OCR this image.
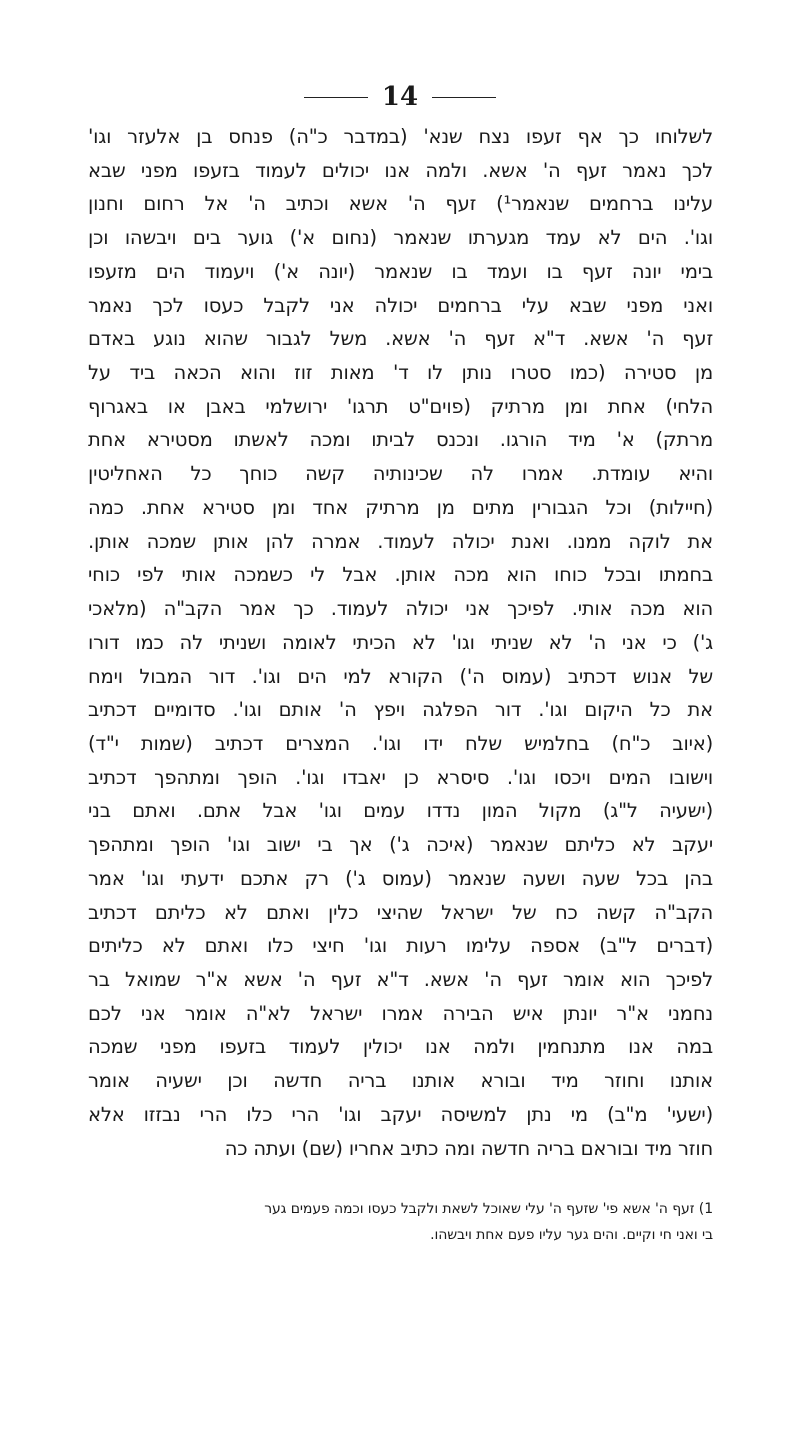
14
לשלוחו כך אף זעפו נצח שנא' (במדבר כ"ה) פנחס בן אלעזר וגו'
לכך נאמר זעף ה' אשא. ולמה אנו יכולים לעמוד בזעפו מפני שבא
עלינו ברחמים שנאמר¹) זעף ה' אשא וכתיב ה' אל רחום וחנון
וגו'. הים לא עמד מגערתו שנאמר (נחום א') גוער בים ויבשהו וכן
בימי יונה זעף בו ועמד בו שנאמר (יונה א') ויעמוד הים מזעפו
ואני מפני שבא עלי ברחמים יכולה אני לקבל כעסו לכך נאמר
זעף ה' אשא. ד"א זעף ה' אשא. משל לגבור שהוא נוגע באדם
מן סטירה (כמו סטרו נותן לו ד' מאות זוז והוא הכאה ביד על
הלחי) אחת ומן מרתיק (פוים"ט תרגו' ירושלמי באבן או באגרוף
מרתק) א' מיד הורגו. ונכנס לביתו ומכה לאשתו מסטירא אחת
והיא עומדת. אמרו לה שכינותיה קשה כוחך כל האחליטין
(חיילות) וכל הגבורין מתים מן מרתיק אחד ומן סטירא אחת. כמה
את לוקה ממנו. ואנת יכולה לעמוד. אמרה להן אותן שמכה אותן.
בחמתו ובכל כוחו הוא מכה אותן. אבל לי כשמכה אותי לפי כוחי
הוא מכה אותי. לפיכך אני יכולה לעמוד. כך אמר הקב"ה (מלאכי
ג') כי אני ה' לא שניתי וגו' לא הכיתי לאומה ושניתי לה כמו דורו
של אנוש דכתיב (עמוס ה') הקורא למי הים וגו'. דור המבול וימח
את כל היקום וגו'. דור הפלגה ויפץ ה' אותם וגו'. סדומיים דכתיב
(איוב כ"ח) בחלמיש שלח ידו וגו'. המצרים דכתיב (שמות י"ד)
וישובו המים ויכסו וגו'. סיסרא כן יאבדו וגו'. הופך ומתהפך דכתיב
(ישעיה ל"ג) מקול המון נדדו עמים וגו' אבל אתם. ואתם בני
יעקב לא כליתם שנאמר (איכה ג') אך בי ישוב וגו' הופך ומתהפך
בהן בכל שעה ושעה שנאמר (עמוס ג') רק אתכם ידעתי וגו' אמר
הקב"ה קשה כח של ישראל שהיצי כלין ואתם לא כליתם דכתיב
(דברים ל"ב) אספה עלימו רעות וגו' חיצי כלו ואתם לא כליתים
לפיכך הוא אומר זעף ה' אשא. ד"א זעף ה' אשא א"ר שמואל בר
נחמני א"ר יונתן איש הבירה אמרו ישראל לא"ה אומר אני לכם
במה אנו מתנחמין ולמה אנו יכולין לעמוד בזעפו מפני שמכה
אותנו וחוזר מיד ובורא אותנו בריה חדשה וכן ישעיה אומר
(ישעי' מ"ב) מי נתן למשיסה יעקב וגו' הרי כלו הרי נבזזו אלא
חוזר מיד ובוראם בריה חדשה ומה כתיב אחריו (שם) ועתה כה
1) זעף ה' אשא פי' שזעף ה' עלי שאוכל לשאת ולקבל כעסו וכמה פעמים גער
בי ואני חי וקיים. והים גער עליו פעם אחת ויבשהו.
